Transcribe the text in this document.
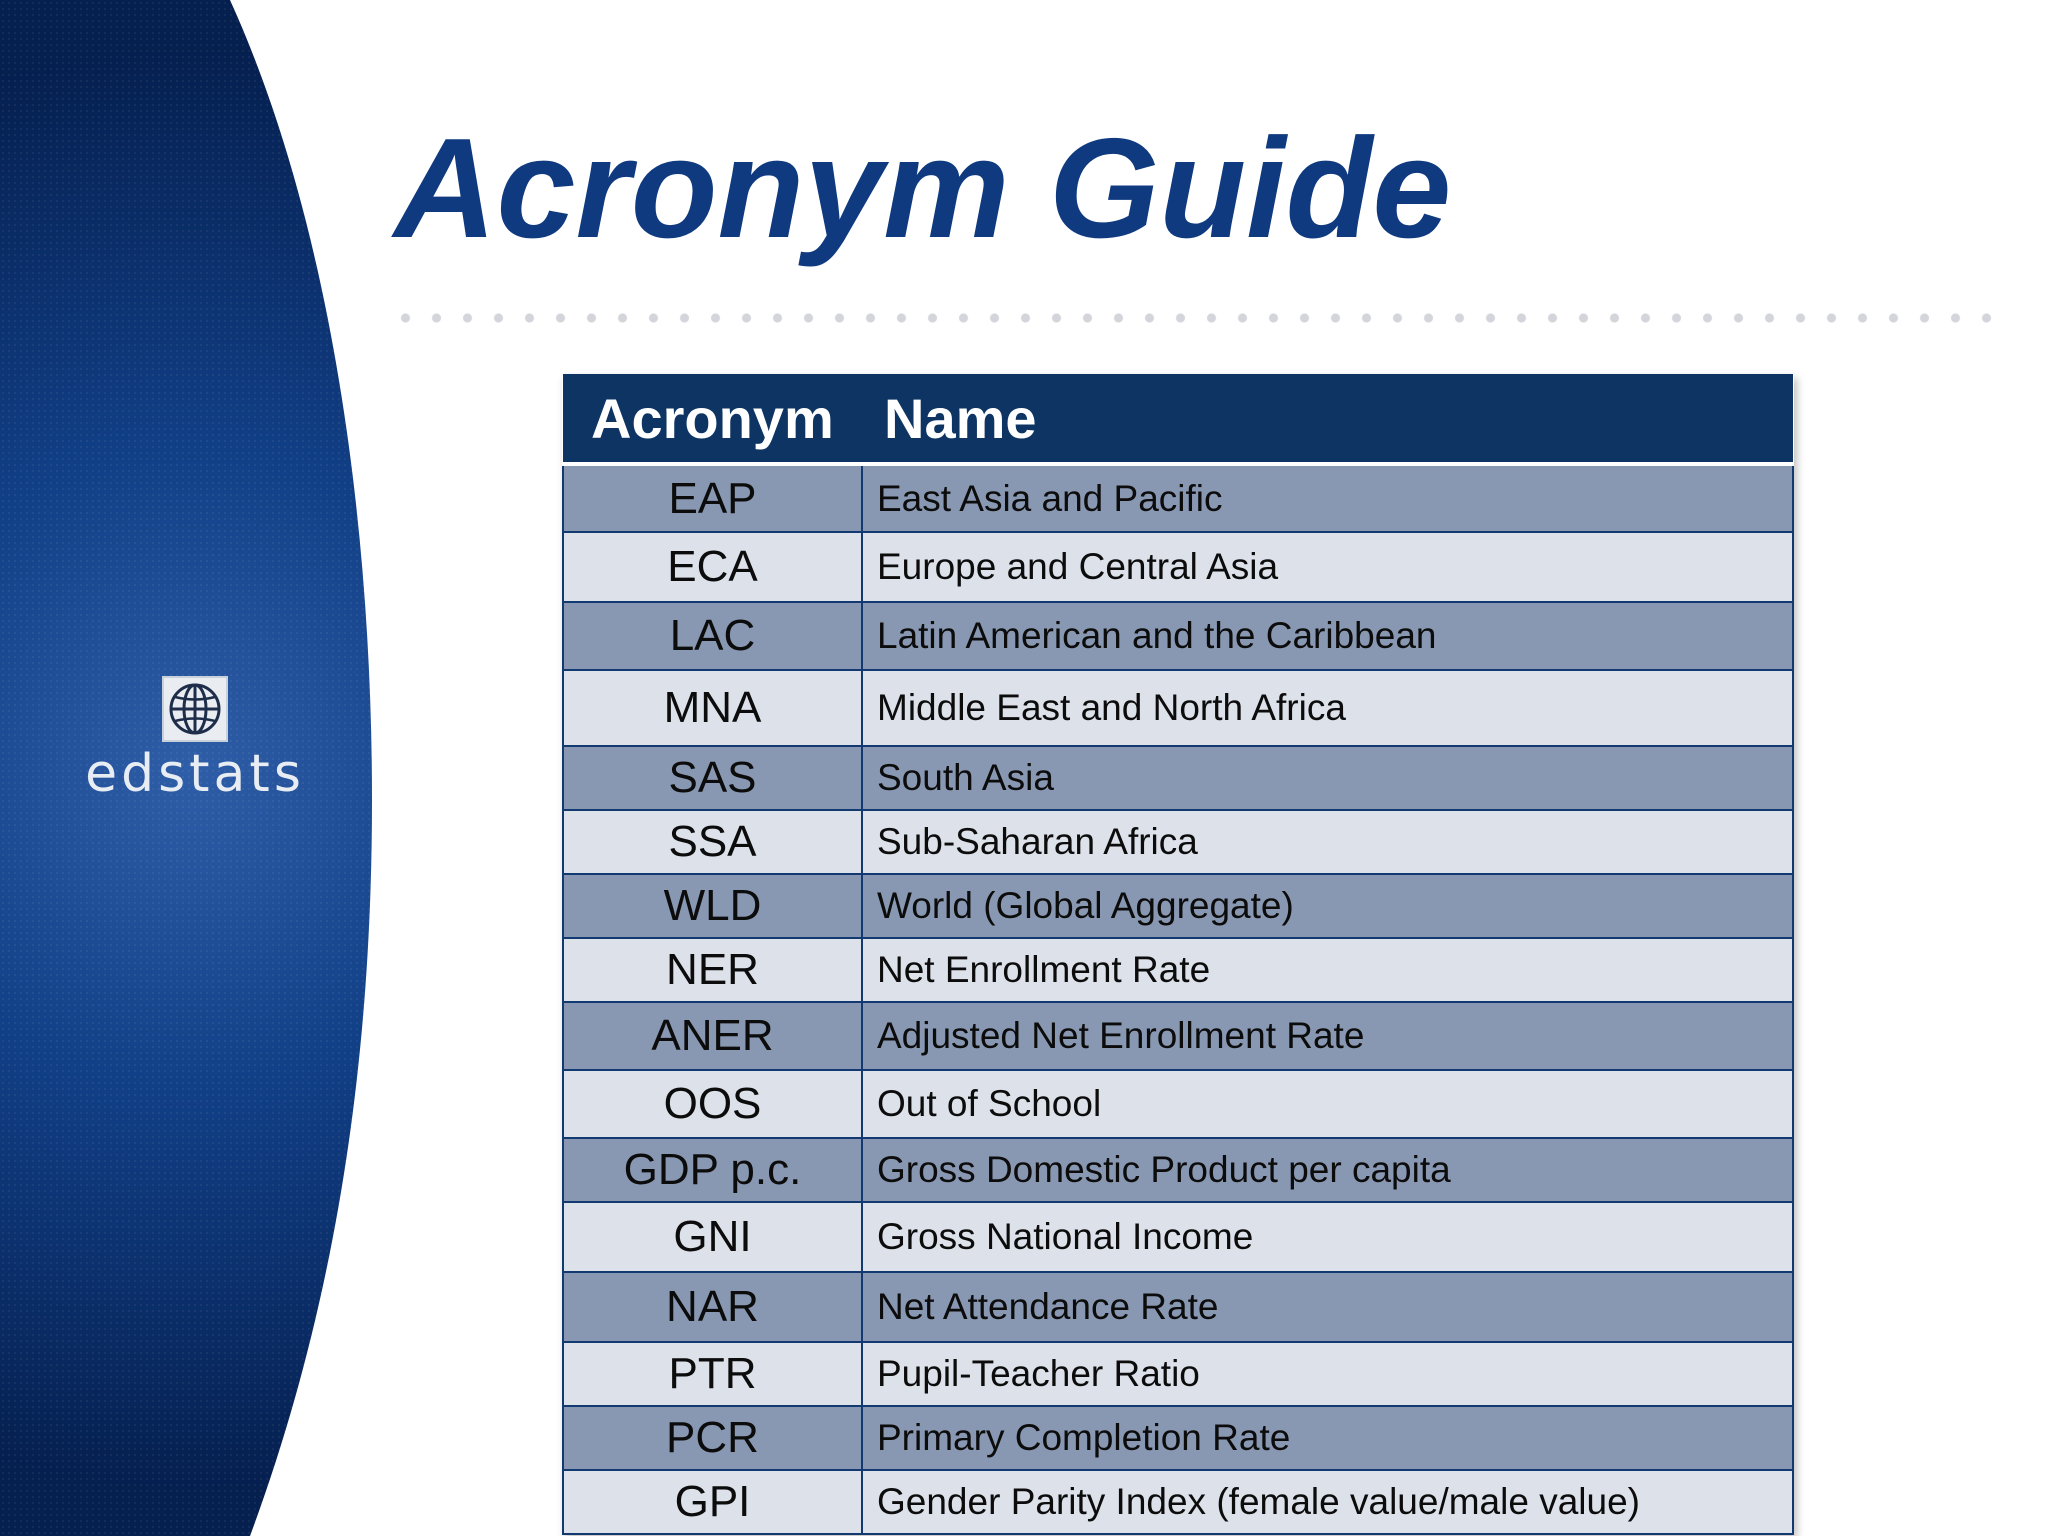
edstats
Acronym Guide
Acronym	Name
EAP	East Asia and Pacific
ECA	Europe and Central Asia
LAC	Latin American and the Caribbean
MNA	Middle East and North Africa
SAS	South Asia
SSA	Sub-Saharan Africa
WLD	World (Global Aggregate)
NER	Net Enrollment Rate
ANER	Adjusted Net Enrollment Rate
OOS	Out of School
GDP p.c.	Gross Domestic Product per capita
GNI	Gross National Income
NAR	Net Attendance Rate
PTR	Pupil-Teacher Ratio
PCR	Primary Completion Rate
GPI	Gender Parity Index (female value/male value)
